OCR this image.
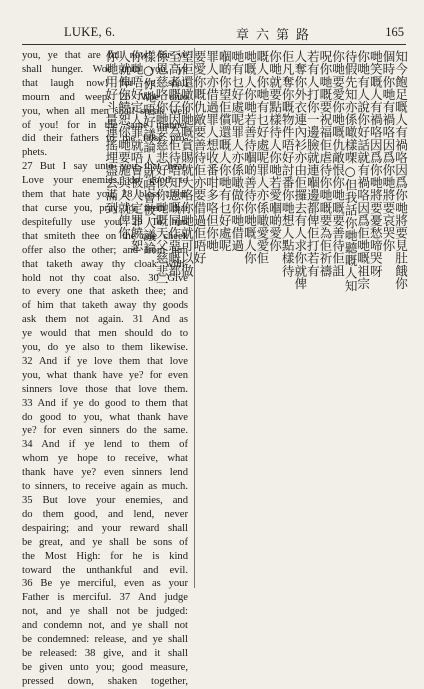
LUKE, 6.	章六第路	165
you, ye that are full now! for ye
shall hunger. Woe unto you, ye
that laugh now! for ye shall
mourn and weep. 26 Woe unto
you, when all men shall speak well
of you! for in the same manner
did their fathers to the false pro-
phets.
27 But I say unto you that hear,
Love your enemies, do good to
them that hate you, 28 bless them
that curse you, pray for them that
despitefully use you. 29 To him
that smiteth thee on the one cheek
offer also the other; and from him
that taketh away thy cloak with-
hold not thy coat also. 30 Give
to every one that asketh thee; and
of him that taketh away thy goods
ask them not again. 31 And as
ye would that men should do to
you, do ye also to them likewise.
32 And if ye love them that love
you, what thank have ye? for even
sinners love those that love them.
33 And if ye do good to them that
do good to you, what thank have
ye? for even sinners do the same.
34 And if ye lend to them of
whom ye hope to receive, what
thank have ye? even sinners lend
to sinners, to receive again as much.
35 But love your enemies, and
do them good, and lend, never
despairing; and your reward shall
be great, and ye shall be sons of
the Most High: for he is kind
toward the unthankful and evil.
36 Be ye merciful, even as your
Father is merciful. 37 And judge
not, and ye shall not be judged:
and condemn not, and ye shall not
be condemned: release, and ye shall
be released: 38 give, and it shall
be given unto you; good measure,
pressed down, shaken together,
知今飽足嘅人有禍咯因爲你哋將要見肚餓你
個時你哋有禍咯因爲你哋將要哀哭你
哋笑嘅人有禍咯因爲你哋將要憂愁啼哭呀
你哋有人說你好話就有禍咯因爲佢哋嘅祖宗
待假先知亦係噉樣㗎○但我話你哋聽嘅人知
你哋要愛你哋嘅仇敵恨你哋嘅要善待佢詛
呪你哋嘅要祝福佢虐待你哋嘅要為佢祈禱
若有人打你一邊臉就連嗰邊都俾佢打若有
人奪你外衣連內衫亦由佢攞去有人求你就俾
佢凡奪你嘅物件唔好討番你哋想人點樣待
你哋就要點樣待人你哋若愛嗰啲愛你
嘅人你哋有乜好處呢罪人亦係噉愛愛佢
哋嘅人你哋若善待嗰啲善待你哋嘅人你
哋有乜好處呢罪人亦係噉做你哋借過
嗰啲你望佢償還嘅人你哋有乜好處呢
罪人亦借過罪人想收番咁多咯但你哋
要愛你嘅仇敵要善待佢亦要借過佢唔好
望佢還噉你哋嘅賞賜就大咯你哋就可以做
至高者嘅仔因為佢待唔知恩嘅同作惡嘅都
係恩慈咯你哋要慈悲好似你哋嘅天父慈悲一
樣○你哋唔好議論人就唔會被人議論
你哋唔好定人罪就唔會被人定罪饒恕
人就俾你饒恕你哋要施與人就俾你
你哋用好斗量連搖埋盡去滿到
